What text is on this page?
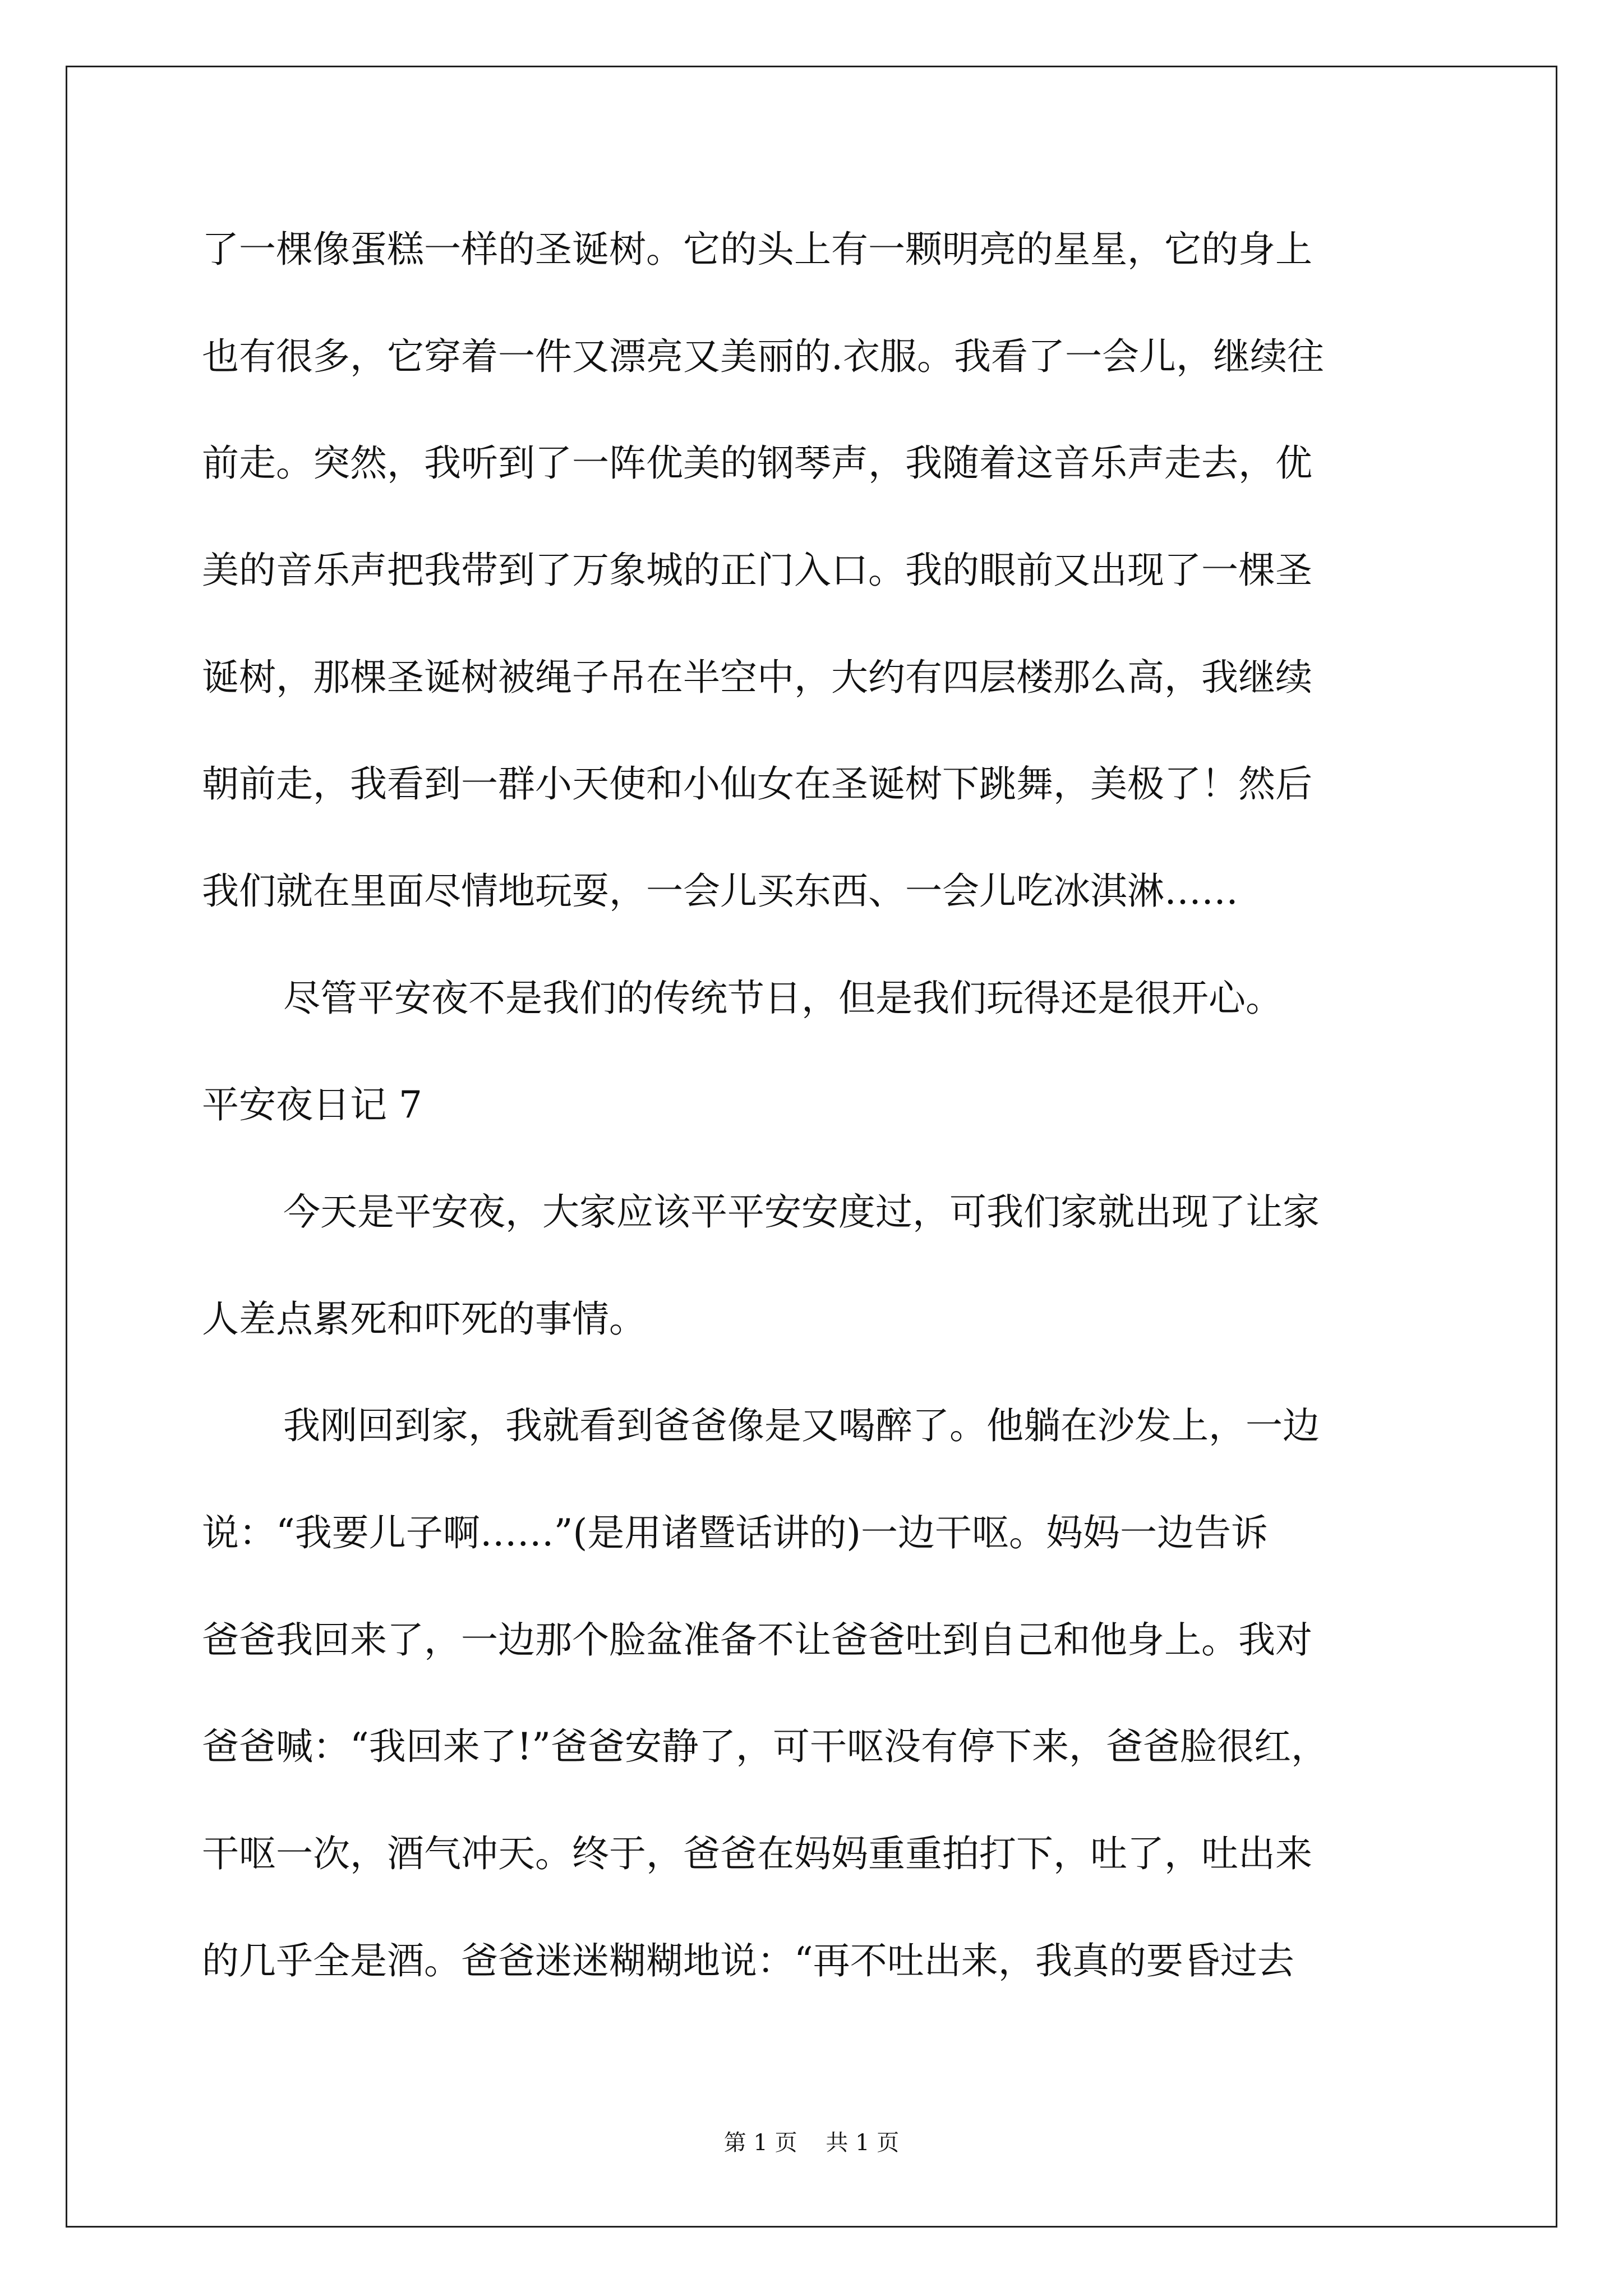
了一棵像蛋糕一样的圣诞树。它的头上有一颗明亮的星星，它的身上
也有很多，它穿着一件又漂亮又美丽的.衣服。我看了一会儿，继续往
前走。突然，我听到了一阵优美的钢琴声，我随着这音乐声走去，优
美的音乐声把我带到了万象城的正门入口。我的眼前又出现了一棵圣
诞树，那棵圣诞树被绳子吊在半空中，大约有四层楼那么高，我继续
朝前走，我看到一群小天使和小仙女在圣诞树下跳舞，美极了！然后
我们就在里面尽情地玩耍，一会儿买东西、一会儿吃冰淇淋……
尽管平安夜不是我们的传统节日，但是我们玩得还是很开心。
平安夜日记 7
今天是平安夜，大家应该平平安安度过，可我们家就出现了让家
人差点累死和吓死的事情。
我刚回到家，我就看到爸爸像是又喝醉了。他躺在沙发上，一边
说：“我要儿子啊……”(是用诸暨话讲的)一边干呕。妈妈一边告诉
爸爸我回来了，一边那个脸盆准备不让爸爸吐到自己和他身上。我对
爸爸喊：“我回来了!”爸爸安静了，可干呕没有停下来，爸爸脸很红，
干呕一次，酒气冲天。终于，爸爸在妈妈重重拍打下，吐了，吐出来
的几乎全是酒。爸爸迷迷糊糊地说：“再不吐出来，我真的要昏过去
第 1 页    共 1 页
